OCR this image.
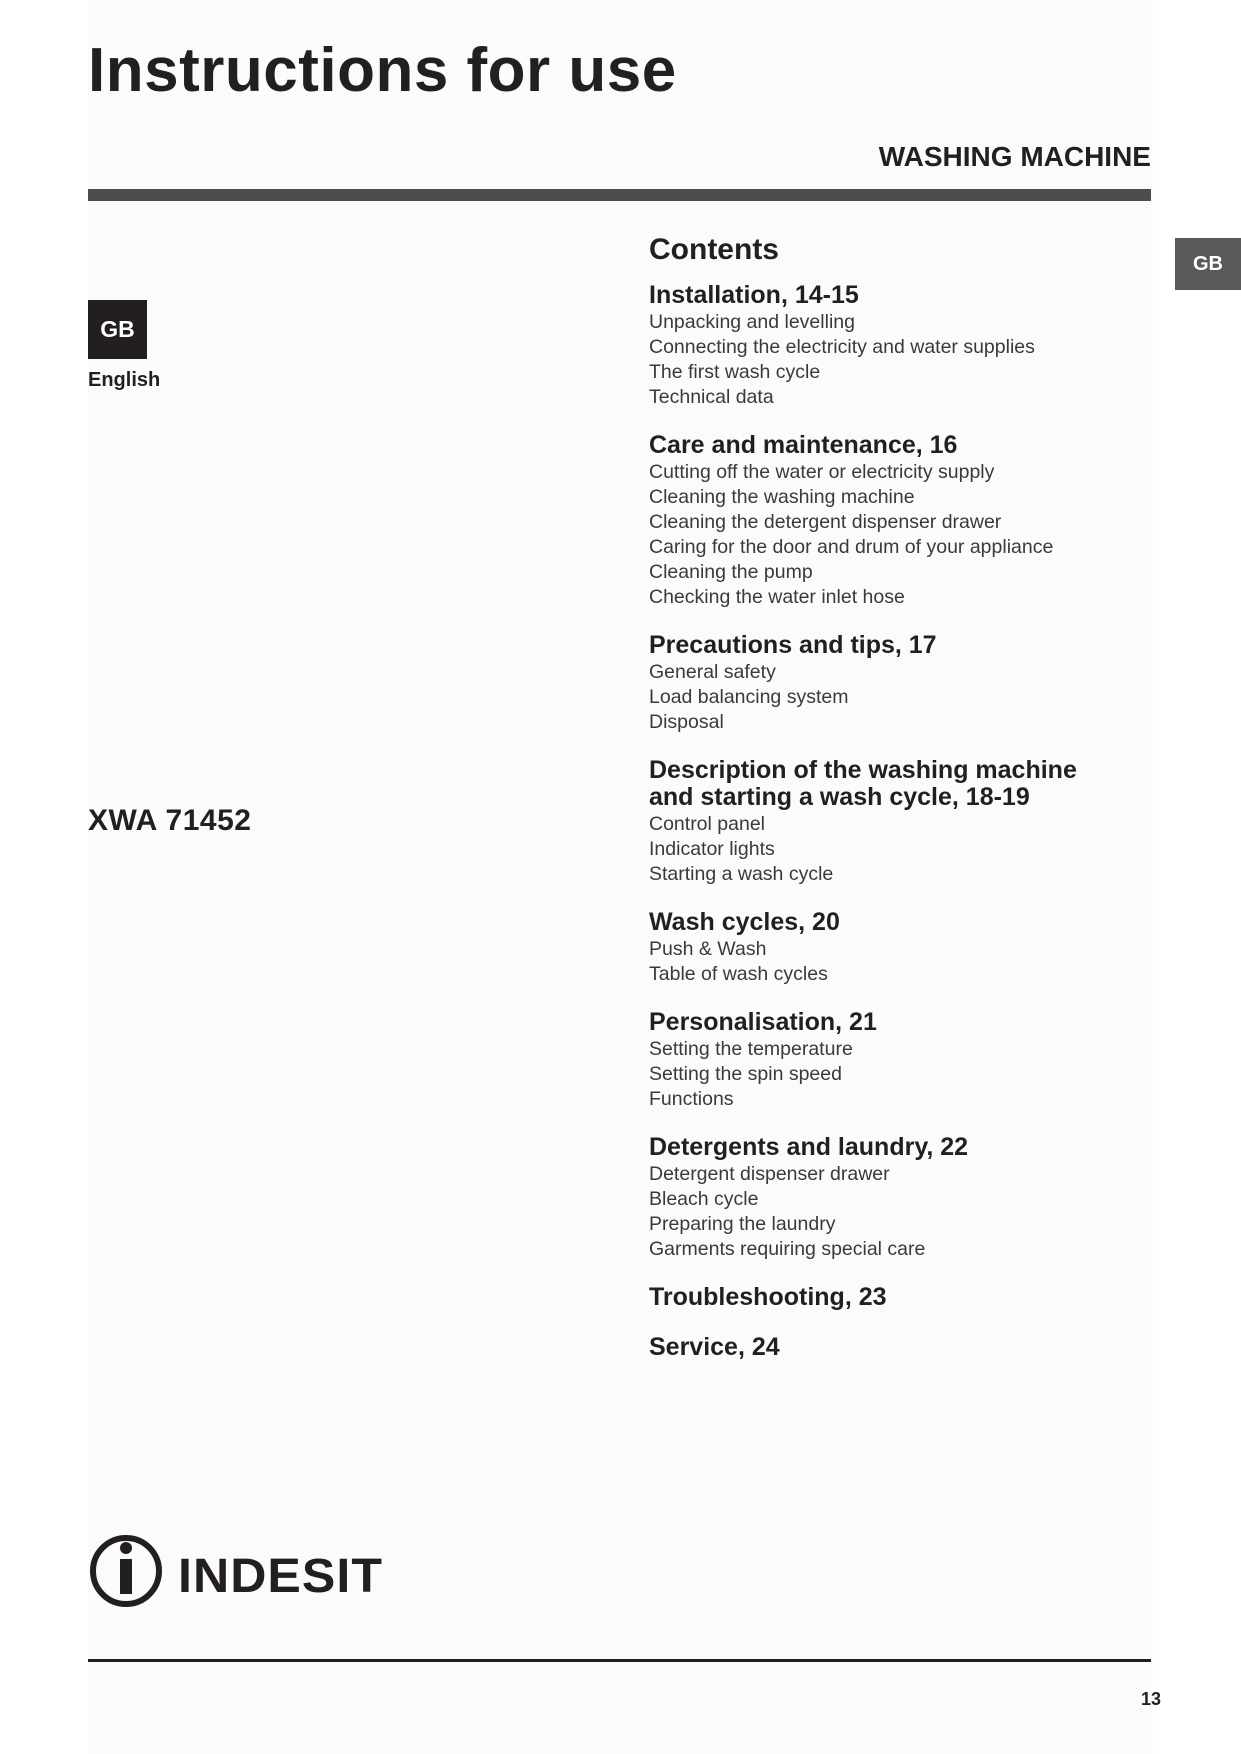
Instructions for use
WASHING MACHINE
GB
GB
English
XWA 71452
Contents
Installation, 14-15
Unpacking and levelling
Connecting the electricity and water supplies
The first wash cycle
Technical data
Care and maintenance, 16
Cutting off the water or electricity supply
Cleaning the washing machine
Cleaning the detergent dispenser drawer
Caring for the door and drum of your appliance
Cleaning the pump
Checking the water inlet hose
Precautions and tips, 17
General safety
Load balancing system
Disposal
Description of the washing machine
and starting a wash cycle, 18-19
Control panel
Indicator lights
Starting a wash cycle
Wash cycles, 20
Push & Wash
Table of wash cycles
Personalisation, 21
Setting the temperature
Setting the spin speed
Functions
Detergents and laundry, 22
Detergent dispenser drawer
Bleach cycle
Preparing the laundry
Garments requiring special care
Troubleshooting, 23
Service, 24
INDESIT
13
